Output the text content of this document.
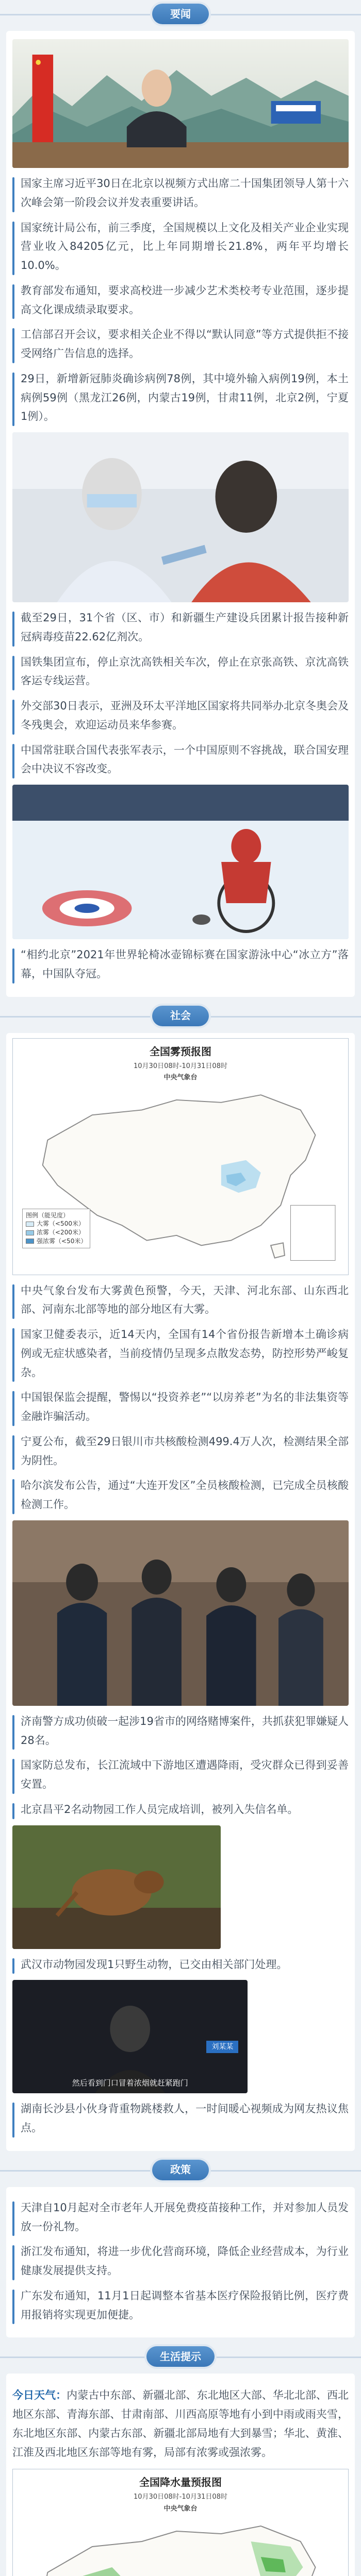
要闻
国家主席习近平30日在北京以视频方式出席二十国集团领导人第十六次峰会第一阶段会议并发表重要讲话。
国家统计局公布，前三季度，全国规模以上文化及相关产业企业实现营业收入84205亿元，比上年同期增长21.8%，两年平均增长10.0%。
教育部发布通知，要求高校进一步减少艺术类校考专业范围，逐步提高文化课成绩录取要求。
工信部召开会议，要求相关企业不得以“默认同意”等方式提供拒不接受网络广告信息的选择。
29日，新增新冠肺炎确诊病例78例，其中境外输入病例19例，本土病例59例（黑龙江26例，内蒙古19例，甘肃11例，北京2例，宁夏1例）。
截至29日，31个省（区、市）和新疆生产建设兵团累计报告接种新冠病毒疫苗22.62亿剂次。
国铁集团宣布，停止京沈高铁相关车次，停止在京张高铁、京沈高铁客运专线运营。
外交部30日表示，亚洲及环太平洋地区国家将共同举办北京冬奥会及冬残奥会，欢迎运动员来华参赛。
中国常驻联合国代表张军表示，一个中国原则不容挑战，联合国安理会中决议不容改变。
“相约北京”2021年世界轮椅冰壶锦标赛在国家游泳中心“冰立方”落幕，中国队夺冠。
社会
全国雾预报图
10月30日08时-10月31日08时
中央气象台
图例（能见度）
大雾（<500米）
浓雾（<200米）
强浓雾（<50米）
中央气象台发布大雾黄色预警，今天，天津、河北东部、山东西北部、河南东北部等地的部分地区有大雾。
国家卫健委表示，近14天内，全国有14个省份报告新增本土确诊病例或无症状感染者，当前疫情仍呈现多点散发态势，防控形势严峻复杂。
中国银保监会提醒，警惕以“投资养老”“以房养老”为名的非法集资等金融诈骗活动。
宁夏公布，截至29日银川市共核酸检测499.4万人次，检测结果全部为阴性。
哈尔滨发布公告，通过“大连开发区”全员核酸检测，已完成全员核酸检测工作。
济南警方成功侦破一起涉19省市的网络赌博案件，共抓获犯罪嫌疑人28名。
国家防总发布，长江流域中下游地区遭遇降雨，受灾群众已得到妥善安置。
北京昌平2名动物园工作人员完成培训，被列入失信名单。
武汉市动物园发现1只野生动物，已交由相关部门处理。
刘某某
然后看到门口冒着浓烟就赶紧跑门
湖南长沙县小伙身背重物跳楼救人，一时间暖心视频成为网友热议焦点。
政策
天津自10月起对全市老年人开展免费疫苗接种工作，并对参加人员发放一份礼物。
浙江发布通知，将进一步优化营商环境，降低企业经营成本，为行业健康发展提供支持。
广东发布通知，11月1日起调整本省基本医疗保险报销比例，医疗费用报销将实现更加便捷。
生活提示
今日天气：内蒙古中东部、新疆北部、东北地区大部、华北北部、西北地区东部、青海东部、甘肃南部、川西高原等地有小到中雨或雨夹雪，东北地区东部、内蒙古东部、新疆北部局地有大到暴雪；华北、黄淮、江淮及西北地区东部等地有雾，局部有浓雾或强浓雾。
全国降水量预报图
10月30日08时-10月31日08时
中央气象台
